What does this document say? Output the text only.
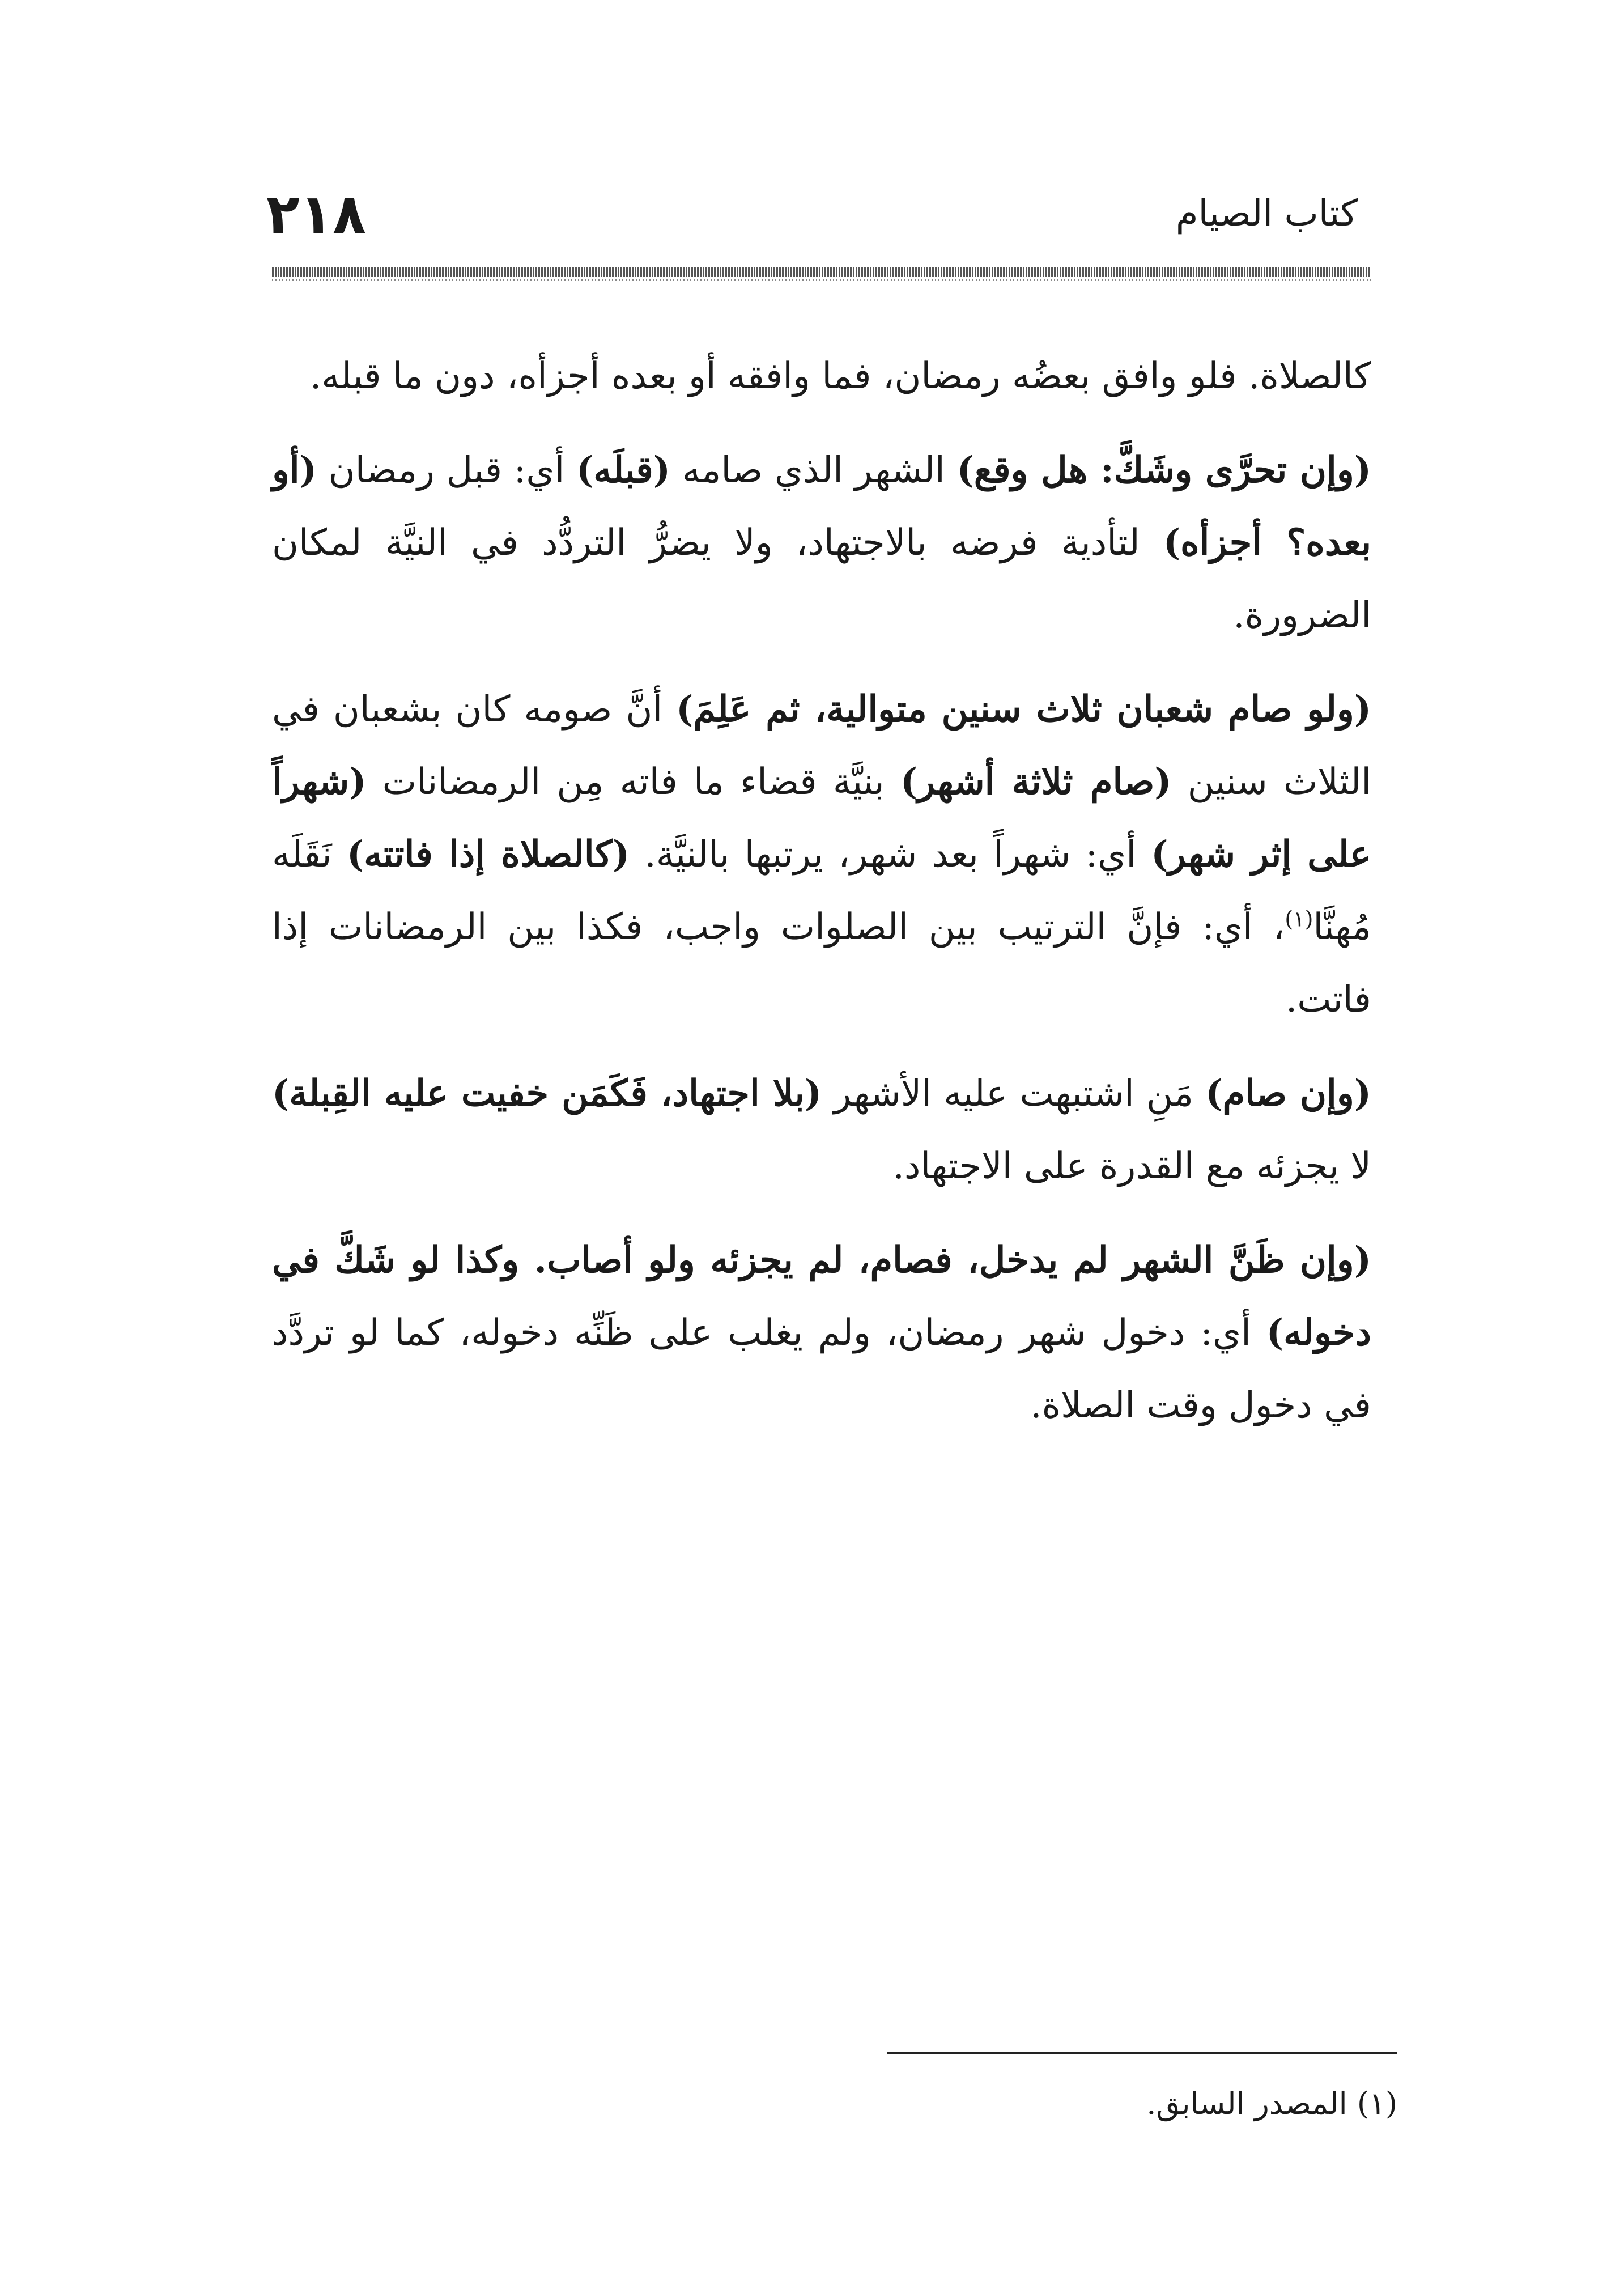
٢١٨	كتاب الصيام

كالصلاة. فلو وافق بعضُه رمضان، فما وافقه أو بعده أجزأه، دون ما قبله.

(وإن تحرَّى وشَكَّ: هل وقع) الشهر الذي صامه (قبلَه) أي: قبل رمضان (أو بعده؟ أجزأه) لتأدية فرضه بالاجتهاد، ولا يضرُّ التردُّد في النيَّة لمكان الضرورة.

(ولو صام شعبان ثلاث سنين متوالية، ثم عَلِمَ) أنَّ صومه كان بشعبان في الثلاث سنين (صام ثلاثة أشهر) بنيَّة قضاء ما فاته مِن الرمضانات (شهراً على إثر شهر) أي: شهراً بعد شهر، يرتبها بالنيَّة. (كالصلاة إذا فاتته) نَقَلَه مُهنَّا$^{(١)}$، أي: فإنَّ الترتيب بين الصلوات واجب، فكذا بين الرمضانات إذا فاتت.

(وإن صام) مَنِ اشتبهت عليه الأشهر (بلا اجتهاد، فَكَمَن خفيت عليه القِبلة) لا يجزئه مع القدرة على الاجتهاد.

(وإن ظَنَّ الشهر لم يدخل، فصام، لم يجزئه ولو أصاب. وكذا لو شَكَّ في دخوله) أي: دخول شهر رمضان، ولم يغلب على ظَنِّه دخوله، كما لو تردَّد في دخول وقت الصلاة.

(١) المصدر السابق.
